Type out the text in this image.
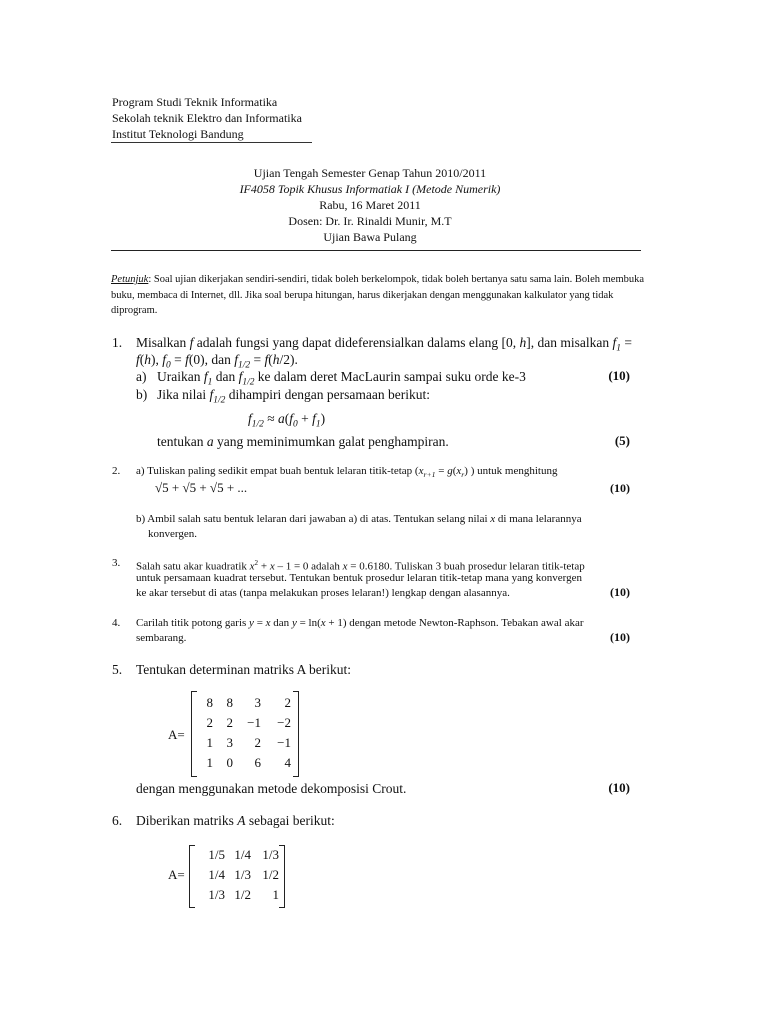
Program Studi Teknik Informatika
Sekolah teknik Elektro dan Informatika
Institut Teknologi Bandung
Ujian Tengah Semester Genap Tahun 2010/2011
IF4058 Topik Khusus Informatiak I (Metode Numerik)
Rabu, 16 Maret 2011
Dosen: Dr. Ir. Rinaldi Munir, M.T
Ujian Bawa Pulang
Petunjuk: Soal ujian dikerjakan sendiri-sendiri, tidak boleh berkelompok, tidak boleh bertanya satu sama lain. Boleh membuka buku, membaca di Internet, dll. Jika soal berupa hitungan, harus dikerjakan dengan menggunakan kalkulator yang tidak diprogram.
1. Misalkan f adalah fungsi yang dapat dideferensialkan dalams elang [0, h], dan misalkan $f_1$ =
f(h), $f_0 = f(0)$, dan $f_{1/2} = f(h/2)$.
a) Uraikan $f_1$ dan $f_{1/2}$ ke dalam deret MacLaurin sampai suku orde ke-3	(10)
b) Jika nilai $f_{1/2}$ dihampiri dengan persamaan berikut:
$f_{1/2} \approx a(f_0 + f_1)$
tentukan a yang meminimumkan galat penghampiran.	(5)
2. a) Tuliskan paling sedikit empat buah bentuk lelaran titik-tetap ($x_{r+1} = g(x_r)$ ) untuk menghitung
√5 + √5 + √5 + ...	(10)
b) Ambil salah satu bentuk lelaran dari jawaban a) di atas. Tentukan selang nilai x di mana lelarannya
konvergen.
3. Salah satu akar kuadratik $x^2 + x - 1 = 0$ adalah x = 0.6180. Tuliskan 3 buah prosedur lelaran titik-tetap
untuk persamaan kuadrat tersebut. Tentukan bentuk prosedur lelaran titik-tetap mana yang konvergen
ke akar tersebut di atas (tanpa melakukan proses lelaran!) lengkap dengan alasannya.	(10)
4. Carilah titik potong garis y = x dan y = ln(x + 1) dengan metode Newton-Raphson. Tebakan awal akar
sembarang.	(10)
5. Tentukan determinan matriks A berikut:
A=
8 8 3 2
2 2 −1 −2
1 3 2 −1
1 0 6 4
dengan menggunakan metode dekomposisi Crout.	(10)
6. Diberikan matriks A sebagai berikut:
A=
1/5 1/4 1/3
1/4 1/3 1/2
1/3 1/2 1
